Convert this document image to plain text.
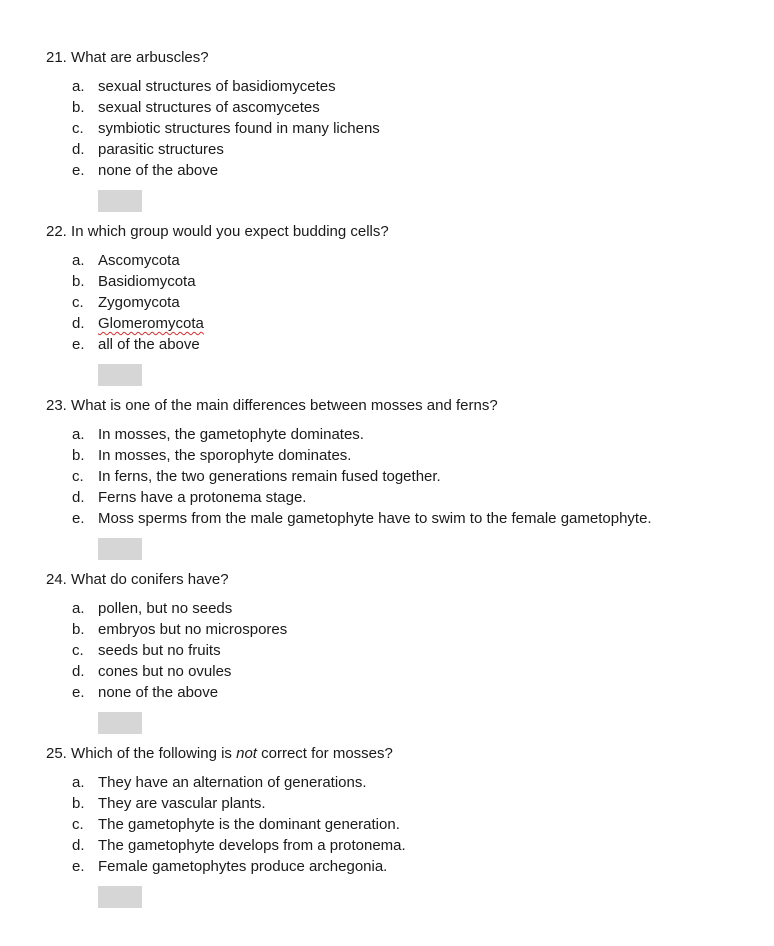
21. What are arbuscles?
a. sexual structures of basidiomycetes
b. sexual structures of ascomycetes
c. symbiotic structures found in many lichens
d. parasitic structures
e. none of the above
22. In which group would you expect budding cells?
a. Ascomycota
b. Basidiomycota
c. Zygomycota
d. Glomeromycota
e. all of the above
23. What is one of the main differences between mosses and ferns?
a. In mosses, the gametophyte dominates.
b. In mosses, the sporophyte dominates.
c. In ferns, the two generations remain fused together.
d. Ferns have a protonema stage.
e. Moss sperms from the male gametophyte have to swim to the female gametophyte.
24. What do conifers have?
a. pollen, but no seeds
b. embryos but no microspores
c. seeds but no fruits
d. cones but no ovules
e. none of the above
25. Which of the following is not correct for mosses?
a. They have an alternation of generations.
b. They are vascular plants.
c. The gametophyte is the dominant generation.
d. The gametophyte develops from a protonema.
e. Female gametophytes produce archegonia.
